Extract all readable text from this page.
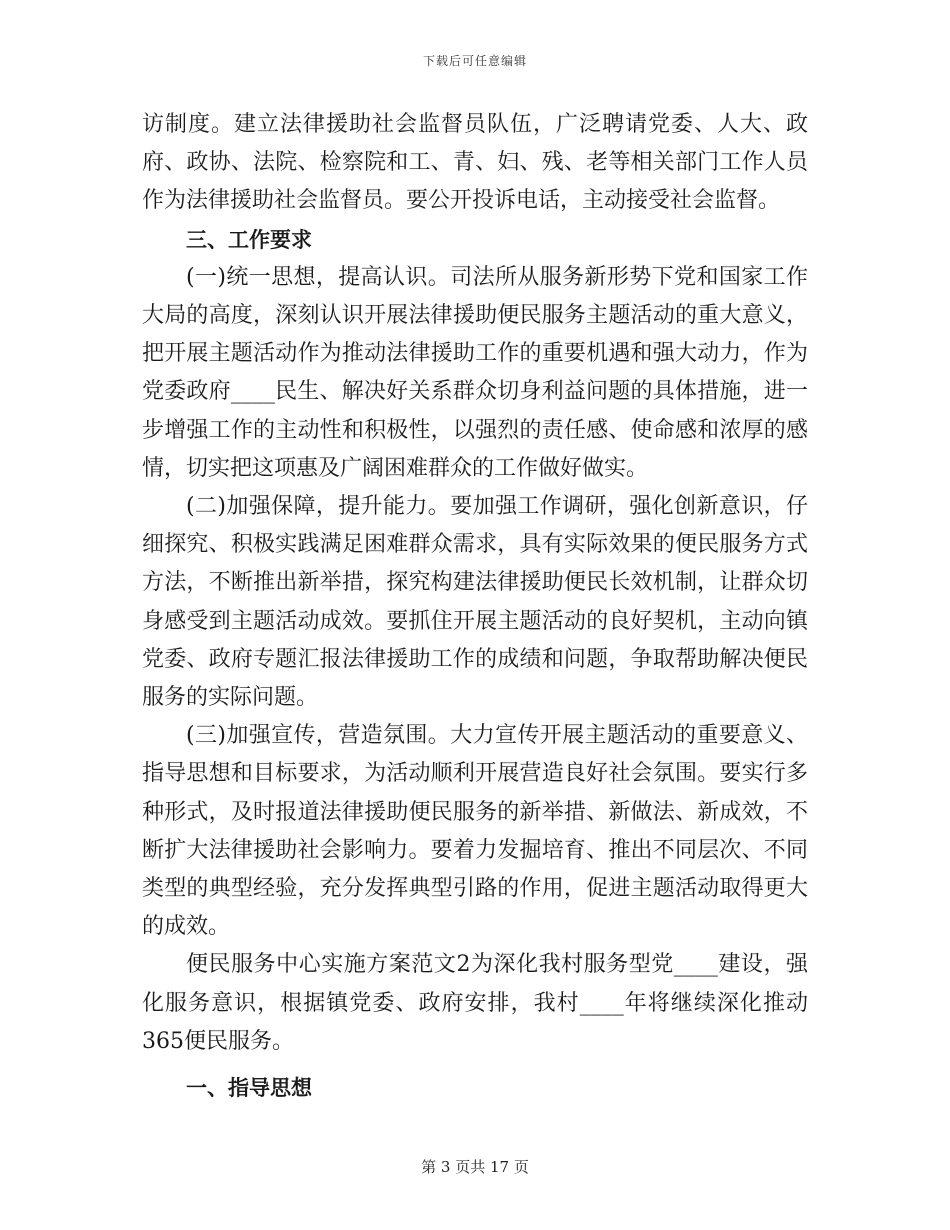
下载后可任意编辑

访制度。建立法律援助社会监督员队伍，广泛聘请党委、人大、政府、政协、法院、检察院和工、青、妇、残、老等相关部门工作人员作为法律援助社会监督员。要公开投诉电话，主动接受社会监督。

三、工作要求

(一)统一思想，提高认识。司法所从服务新形势下党和国家工作大局的高度，深刻认识开展法律援助便民服务主题活动的重大意义，把开展主题活动作为推动法律援助工作的重要机遇和强大动力，作为党委政府____民生、解决好关系群众切身利益问题的具体措施，进一步增强工作的主动性和积极性，以强烈的责任感、使命感和浓厚的感情，切实把这项惠及广阔困难群众的工作做好做实。

(二)加强保障，提升能力。要加强工作调研，强化创新意识，仔细探究、积极实践满足困难群众需求，具有实际效果的便民服务方式方法，不断推出新举措，探究构建法律援助便民长效机制，让群众切身感受到主题活动成效。要抓住开展主题活动的良好契机，主动向镇党委、政府专题汇报法律援助工作的成绩和问题，争取帮助解决便民服务的实际问题。

(三)加强宣传，营造氛围。大力宣传开展主题活动的重要意义、指导思想和目标要求，为活动顺利开展营造良好社会氛围。要实行多种形式，及时报道法律援助便民服务的新举措、新做法、新成效，不断扩大法律援助社会影响力。要着力发掘培育、推出不同层次、不同类型的典型经验，充分发挥典型引路的作用，促进主题活动取得更大的成效。

便民服务中心实施方案范文2为深化我村服务型党____建设，强化服务意识，根据镇党委、政府安排，我村____年将继续深化推动365便民服务。

一、指导思想

第 3 页共 17 页
